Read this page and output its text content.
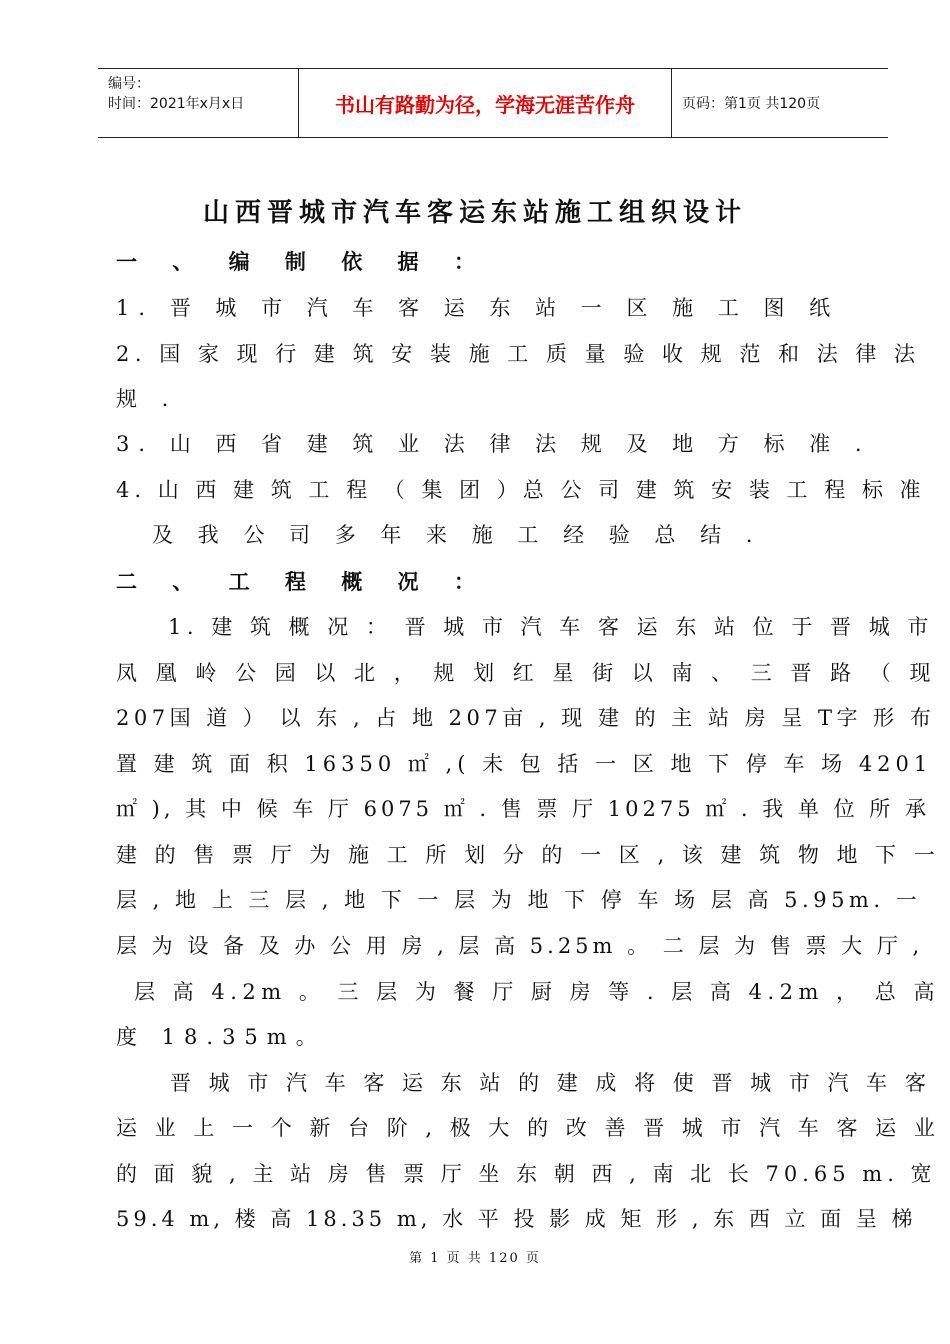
编号：
时间：2021年x月x日	书山有路勤为径，学海无涯苦作舟	页码：第1页 共120页
山西晋城市汽车客运东站施工组织设计
一 、 编 制 依 据 ：
1. 晋 城 市 汽 车 客 运 东 站 一 区 施 工 图 纸
2. 国 家 现 行 建 筑 安 装 施 工 质 量 验 收 规 范 和 法 律 法
规 .
3. 山 西 省 建 筑 业 法 律 法 规 及 地 方 标 准 .
4. 山 西 建 筑 工 程 （ 集 团 ）总 公 司 建 筑 安 装 工 程 标 准
及 我 公 司 多 年 来 施 工 经 验 总 结 .
二 、 工 程 概 况 ：
1. 建 筑 概 况 ： 晋 城 市 汽 车 客 运 东 站 位 于 晋 城 市
凤 凰 岭 公 园 以 北 ， 规 划 红 星 街 以 南 、 三 晋 路 （ 现
207国 道 ） 以 东 , 占 地 207亩 , 现 建 的 主 站 房 呈 T字 形 布
置 建 筑 面 积 16350 ㎡ ,( 未 包 括 一 区 地 下 停 车 场 4201
㎡ ), 其 中 候 车 厅 6075 ㎡ . 售 票 厅 10275 ㎡ . 我 单 位 所 承
建 的 售 票 厅 为 施 工 所 划 分 的 一 区 , 该 建 筑 物 地 下 一
层 , 地 上 三 层 , 地 下 一 层 为 地 下 停 车 场 层 高 5.95m. 一
层 为 设 备 及 办 公 用 房 , 层 高 5.25m 。 二 层 为 售 票 大 厅 ,
层 高 4.2m 。 三 层 为 餐 厅 厨 房 等 . 层 高 4.2m ， 总 高
度 18.35m。
晋 城 市 汽 车 客 运 东 站 的 建 成 将 使 晋 城 市 汽 车 客
运 业 上 一 个 新 台 阶 , 极 大 的 改 善 晋 城 市 汽 车 客 运 业
的 面 貌 , 主 站 房 售 票 厅 坐 东 朝 西 , 南 北 长 70.65 m. 宽
59.4 m, 楼 高 18.35 m, 水 平 投 影 成 矩 形 , 东 西 立 面 呈 梯
第 1 页 共 120 页
